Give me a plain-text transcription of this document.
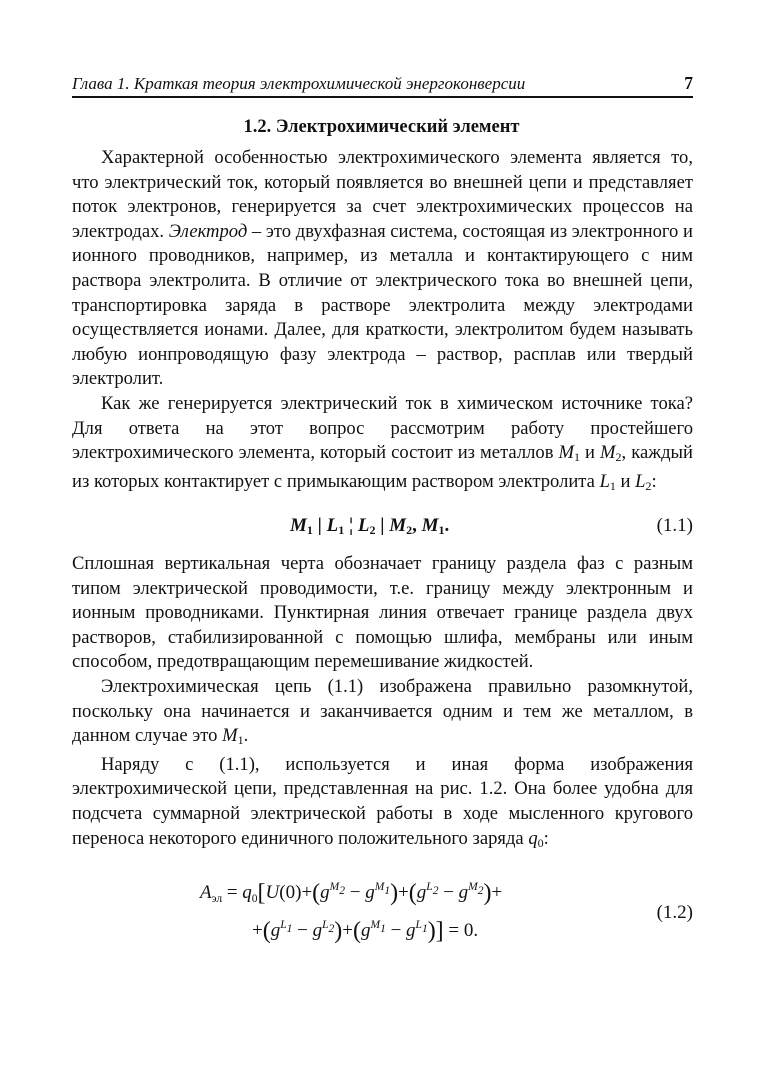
Глава 1. Краткая теория электрохимической энергоконверсии	7
1.2. Электрохимический элемент

Характерной особенностью электрохимического элемента является то, что электрический ток, который появляется во внешней цепи и представляет поток электронов, генерируется за счет электрохимических процессов на электродах. Электрод – это двухфазная система, состоящая из электронного и ионного проводников, например, из металла и контактирующего с ним раствора электролита. В отличие от электрического тока во внешней цепи, транспортировка заряда в растворе электролита между электродами осуществляется ионами. Далее, для краткости, электролитом будем называть любую ионпроводящую фазу электрода – раствор, расплав или твердый электролит.

Как же генерируется электрический ток в химическом источнике тока? Для ответа на этот вопрос рассмотрим работу простейшего электрохимического элемента, который состоит из металлов $M_1$ и $M_2$, каждый из которых контактирует с примыкающим раствором электролита $L_1$ и $L_2$:

$M_1$ | $L_1$ ¦ $L_2$ | $M_2$, $M_1$.	(1.1)

Сплошная вертикальная черта обозначает границу раздела фаз с разным типом электрической проводимости, т.е. границу между электронным и ионным проводниками. Пунктирная линия отвечает границе раздела двух растворов, стабилизированной с помощью шлифа, мембраны или иным способом, предотвращающим перемешивание жидкостей.

Электрохимическая цепь (1.1) изображена правильно разомкнутой, поскольку она начинается и заканчивается одним и тем же металлом, в данном случае это $M_1$.

Наряду с (1.1), используется и иная форма изображения электрохимической цепи, представленная на рис. 1.2. Она более удобна для подсчета суммарной электрической работы в ходе мысленного кругового переноса некоторого единичного положительного заряда $q_0$:

$A_{эл} = q_0[U(0)+(g^{M_2} - g^{M_1})+(g^{L_2} - g^{M_2})+$
$+(g^{L_1} - g^{L_2})+(g^{M_1} - g^{L_1})] = 0$.
(1.2)
